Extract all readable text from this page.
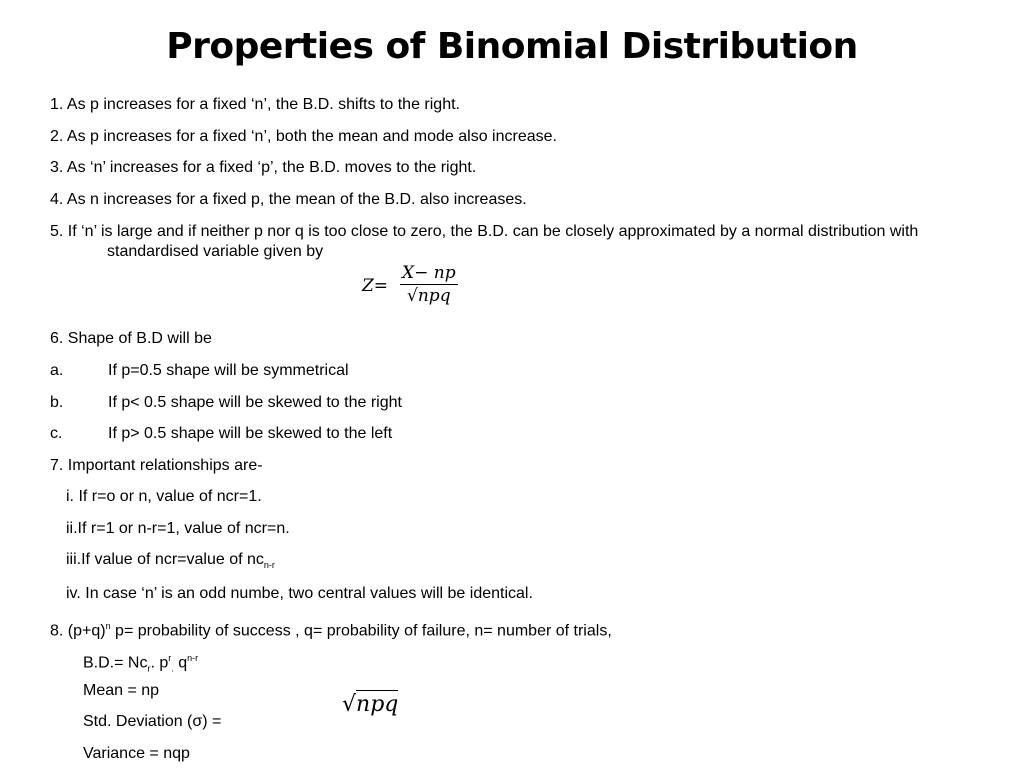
Properties of Binomial Distribution
1. As p increases for a fixed ‘n’, the B.D. shifts to the right.
2. As p increases for a fixed ‘n’, both the mean and mode also increase.
3. As ‘n’ increases for a fixed ‘p’, the B.D. moves to the right.
4. As n increases for a fixed p, the mean of the B.D. also increases.
5. If ‘n’ is large and if neither p nor q is too close to zero, the B.D. can be closely approximated by a normal distribution with
standardised variable given by
Z=
X− np
√npq
6. Shape of B.D will be
a.	If p=0.5 shape will be symmetrical
b.	If p< 0.5 shape will be skewed to the right
c.	If p> 0.5 shape will be skewed to the left
7. Important relationships are-
i. If r=o or n, value of ncr=1.
ii.If r=1 or n-r=1, value of ncr=n.
iii.If value of ncr=value of $nc_{n-r}$
iv. In case ‘n’ is an odd numbe, two central values will be identical.
8. $(p+q)^n$ p= probability of success , q= probability of failure, n= number of trials,
$B.D.= Nc_r$. $p^r_.$ $q^{n-r}$
Mean = np
Std. Deviation (σ) =
√npq
Variance = nqp
